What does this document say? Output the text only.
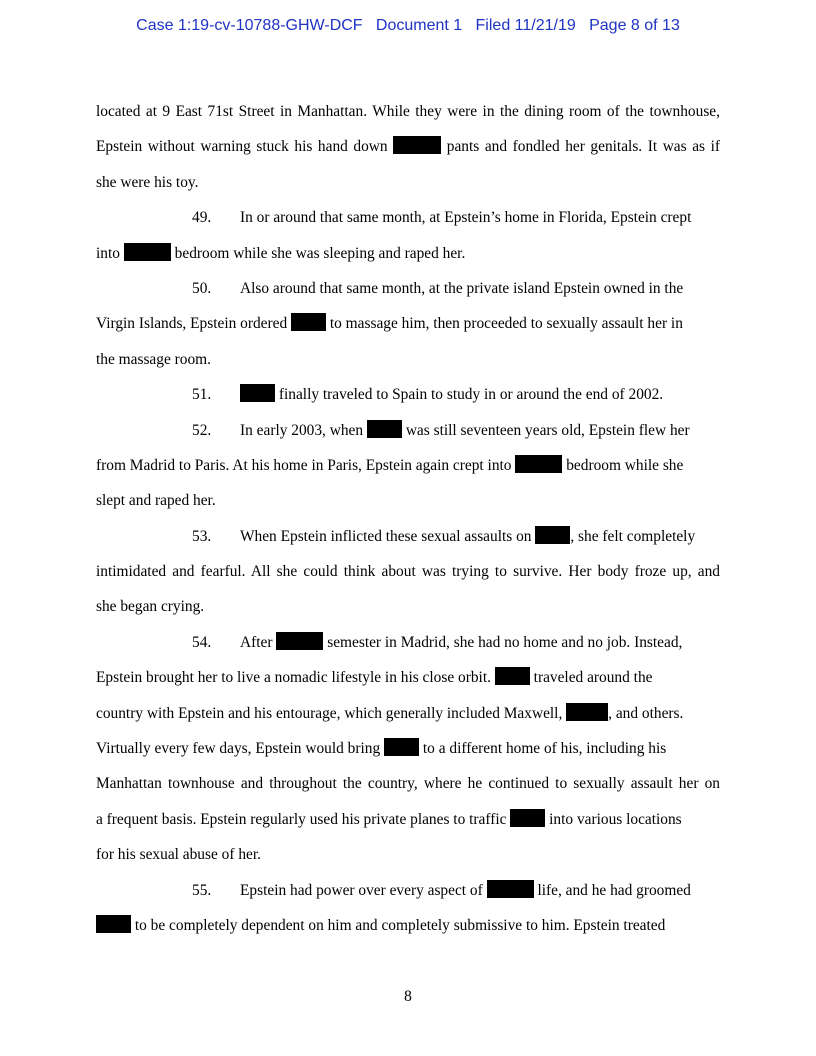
Case 1:19-cv-10788-GHW-DCF Document 1 Filed 11/21/19 Page 8 of 13
located at 9 East 71st Street in Manhattan. While they were in the dining room of the townhouse,
Epstein without warning stuck his hand down	pants and fondled her genitals. It was as if
she were his toy.
49. In or around that same month, at Epstein’s home in Florida, Epstein crept
into	bedroom while she was sleeping and raped her.
50. Also around that same month, at the private island Epstein owned in the
Virgin Islands, Epstein ordered	to massage him, then proceeded to sexually assault her in
the massage room.
51.	finally traveled to Spain to study in or around the end of 2002.
52. In early 2003, when	was still seventeen years old, Epstein flew her
from Madrid to Paris. At his home in Paris, Epstein again crept into	bedroom while she
slept and raped her.
53. When Epstein inflicted these sexual assaults on	, she felt completely
intimidated and fearful. All she could think about was trying to survive. Her body froze up, and
she began crying.
54. After	semester in Madrid, she had no home and no job. Instead,
Epstein brought her to live a nomadic lifestyle in his close orbit.	traveled around the
country with Epstein and his entourage, which generally included Maxwell,	, and others.
Virtually every few days, Epstein would bring	to a different home of his, including his
Manhattan townhouse and throughout the country, where he continued to sexually assault her on
a frequent basis. Epstein regularly used his private planes to traffic	into various locations
for his sexual abuse of her.
55. Epstein had power over every aspect of	life, and he had groomed
to be completely dependent on him and completely submissive to him. Epstein treated
8
